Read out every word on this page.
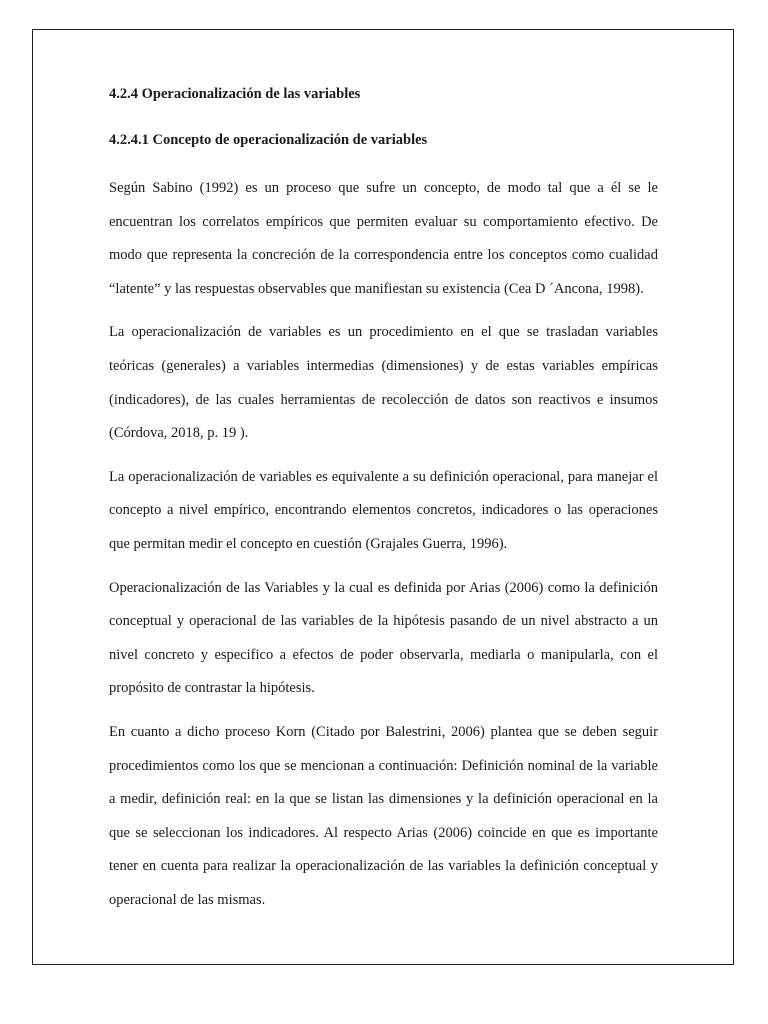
4.2.4 Operacionalización de las variables
4.2.4.1 Concepto de operacionalización de variables

Según Sabino (1992) es un proceso que sufre un concepto, de modo tal que a él se le encuentran los correlatos empíricos que permiten evaluar su comportamiento efectivo. De modo que representa la concreción de la correspondencia entre los conceptos como cualidad “latente” y las respuestas observables que manifiestan su existencia (Cea D ´Ancona, 1998).

La operacionalización de variables es un procedimiento en el que se trasladan variables teóricas (generales) a variables intermedias (dimensiones) y de estas variables empíricas (indicadores), de las cuales herramientas de recolección de datos son reactivos e insumos (Córdova, 2018, p. 19 ).

La operacionalización de variables es equivalente a su definición operacional, para manejar el concepto a nivel empírico, encontrando elementos concretos, indicadores o las operaciones que permitan medir el concepto en cuestión (Grajales Guerra, 1996).

Operacionalización de las Variables y la cual es definida por Arias (2006) como la definición conceptual y operacional de las variables de la hipótesis pasando de un nivel abstracto a un nivel concreto y especifico a efectos de poder observarla, mediarla o manipularla, con el propósito de contrastar la hipótesis.

En cuanto a dicho proceso Korn (Citado por Balestrini, 2006) plantea que se deben seguir procedimientos como los que se mencionan a continuación: Definición nominal de la variable a medir, definición real: en la que se listan las dimensiones y la definición operacional en la que se seleccionan los indicadores. Al respecto Arias (2006) coincide en que es importante tener en cuenta para realizar la operacionalización de las variables la definición conceptual y operacional de las mismas.
